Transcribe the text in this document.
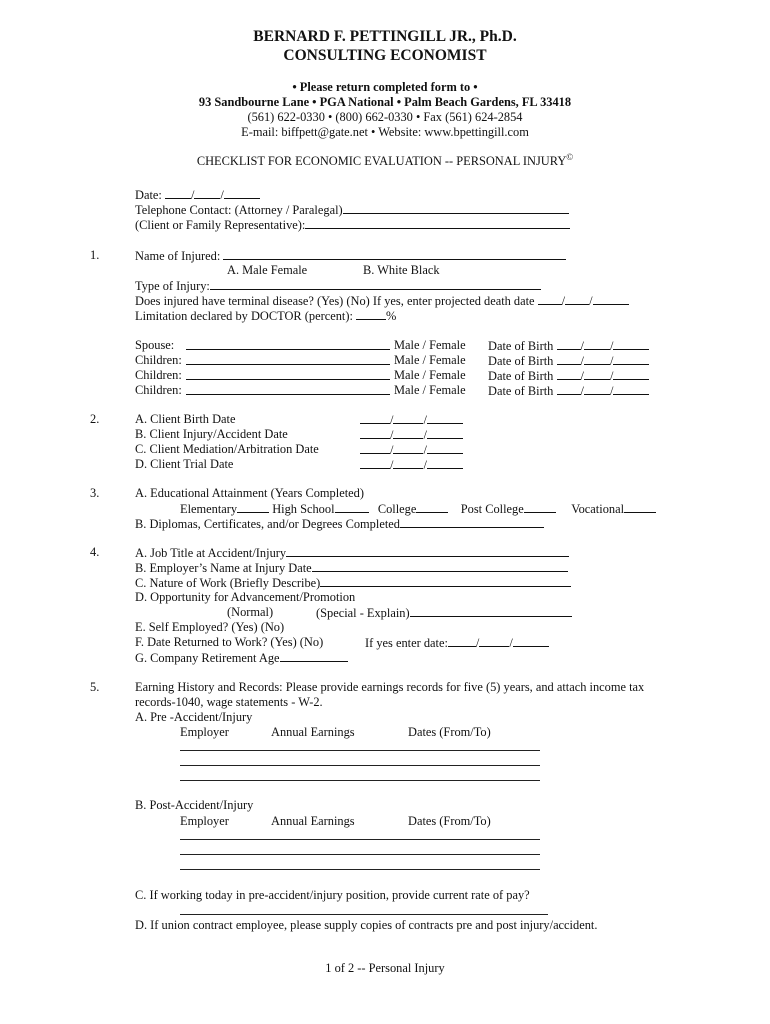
BERNARD F. PETTINGILL JR., Ph.D.
CONSULTING ECONOMIST
• Please return completed form to •
93 Sandbourne Lane • PGA National • Palm Beach Gardens, FL 33418
(561) 622-0330 • (800) 662-0330 • Fax (561) 624-2854
E-mail: biffpett@gate.net • Website: www.bpettingill.com
CHECKLIST FOR ECONOMIC EVALUATION -- PERSONAL INJURY©
Date: / /
Telephone Contact: (Attorney / Paralegal)
(Client or Family Representative):
1.	Name of Injured:
A. Male Female	B. White Black
Type of Injury:
Does injured have terminal disease? (Yes) (No) If yes, enter projected death date / /
Limitation declared by DOCTOR (percent):	%
Spouse:	Male / Female Date of Birth / /
Children:	Male / Female Date of Birth / /
Children:	Male / Female Date of Birth / /
Children:	Male / Female Date of Birth / /
2.	A. Client Birth Date	/ /
B. Client Injury/Accident Date	/ /
C. Client Mediation/Arbitration Date	/ /
D. Client Trial Date	/ /
3.	A. Educational Attainment (Years Completed)
Elementary	High School	College	Post College	Vocational
B. Diplomas, Certificates, and/or Degrees Completed
4.	A. Job Title at Accident/Injury
B. Employer’s Name at Injury Date
C. Nature of Work (Briefly Describe)
D. Opportunity for Advancement/Promotion
(Normal)	(Special - Explain)
E. Self Employed? (Yes) (No)
F. Date Returned to Work? (Yes) (No)	If yes enter date: / /
G. Company Retirement Age
5.	Earning History and Records: Please provide earnings records for five (5) years, and attach income tax
records-1040, wage statements - W-2.
A. Pre -Accident/Injury
Employer	Annual Earnings	Dates (From/To)
B. Post-Accident/Injury
Employer	Annual Earnings	Dates (From/To)
C. If working today in pre-accident/injury position, provide current rate of pay?
D. If union contract employee, please supply copies of contracts pre and post injury/accident.
1 of 2 -- Personal Injury
